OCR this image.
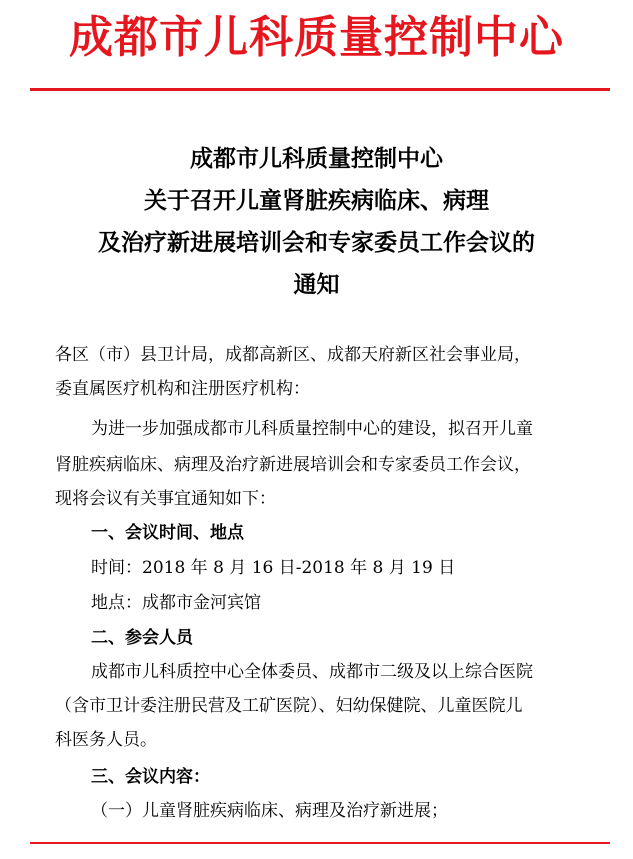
成都市儿科质量控制中心
成都市儿科质量控制中心
关于召开儿童肾脏疾病临床、病理
及治疗新进展培训会和专家委员工作会议的
通知
各区（市）县卫计局，成都高新区、成都天府新区社会事业局，
委直属医疗机构和注册医疗机构：
为进一步加强成都市儿科质量控制中心的建设，拟召开儿童
肾脏疾病临床、病理及治疗新进展培训会和专家委员工作会议，
现将会议有关事宜通知如下：
一、会议时间、地点
时间：2018 年 8 月 16 日-2018 年 8 月 19 日
地点：成都市金河宾馆
二、参会人员
成都市儿科质控中心全体委员、成都市二级及以上综合医院
（含市卫计委注册民营及工矿医院）、妇幼保健院、儿童医院儿
科医务人员。
三、会议内容：
（一）儿童肾脏疾病临床、病理及治疗新进展；
